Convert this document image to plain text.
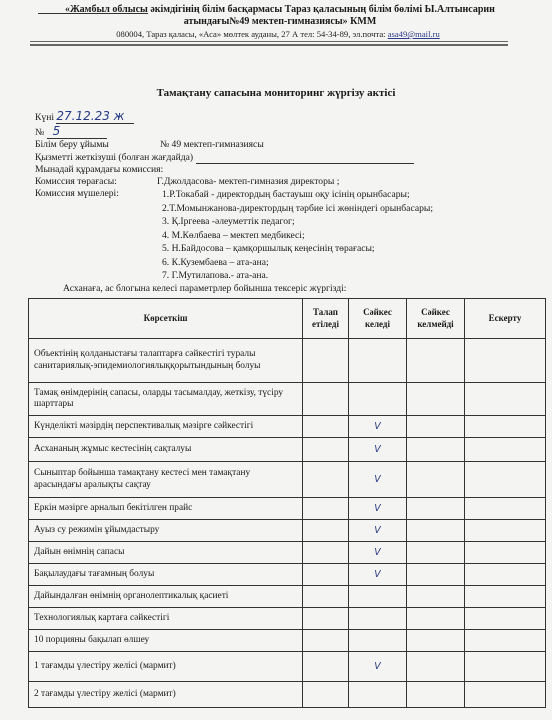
«Жамбыл облысы әкімдігінің білім басқармасы Тараз қаласының білім бөлімі Ы.Алтынсарин
атындағы№49 мектеп-гимназиясы» КММ
080004, Тараз қаласы, «Аса» мөлтек ауданы, 27 А тел: 54-34-89, эл.почта: asa49@mail.ru
Тамақтану сапасына мониторинг жүргізу актісі
Күні 27.12.23 ж
№ 5
Білім беру ұйымы	№ 49 мектеп-гимназиясы
Қызметті жеткізуші (болған жағдайда)
Мынадай құрамдағы комиссия:
Комиссия төрағасы:	Г.Джолдасова- мектеп-гимназия директоры ;
Комиссия мүшелері:	1.Р.Токабай - директордың бастауыш оқу ісінің орынбасары;
2.Т.Момынжанова-директордың тәрбие ісі жөніндегі орынбасары;
3. Қ.Іргеева -әлеуметтік педагог;
4. М.Көлбаева – мектеп медбикесі;
5. Н.Байдосова – қамқоршылық кеңесінің төрағасы;
6. К.Кузембаева – ата-ана;
7. Г.Мутилапова.- ата-ана.
Асханаға, ас блогына келесі параметрлер бойынша тексеріс жүргізді:
Көрсеткіш	Талап етіледі	Сәйкес келеді	Сәйкес келмейді	Ескерту
Объектінің қолданыстағы талаптарға сәйкестігі туралы санитариялық-эпидемиологиялыққорытындының болуы				
Тамақ өнімдерінің сапасы, оларды тасымалдау, жеткізу, түсіру шарттары				
Күнделікті мәзірдің перспективалық мәзірге сәйкестігі		V		
Асхананың жұмыс кестесінің сақталуы		V		
Сыныптар бойынша тамақтану кестесі мен тамақтану арасындағы аралықты сақтау		V		
Еркін мәзірге арналып бекітілген прайс		V		
Ауыз су режимін ұйымдастыру		V		
Дайын өнімнің сапасы		V		
Бақылаудағы тағамның болуы		V		
Дайындалған өнімнің органолептикалық қасиеті				
Технологиялық картаға сәйкестігі				
10 порцияны бақылап өлшеу				
1 тағамды үлестіру желісі (мармит)		V		
2 тағамды үлестіру желісі (мармит)				
